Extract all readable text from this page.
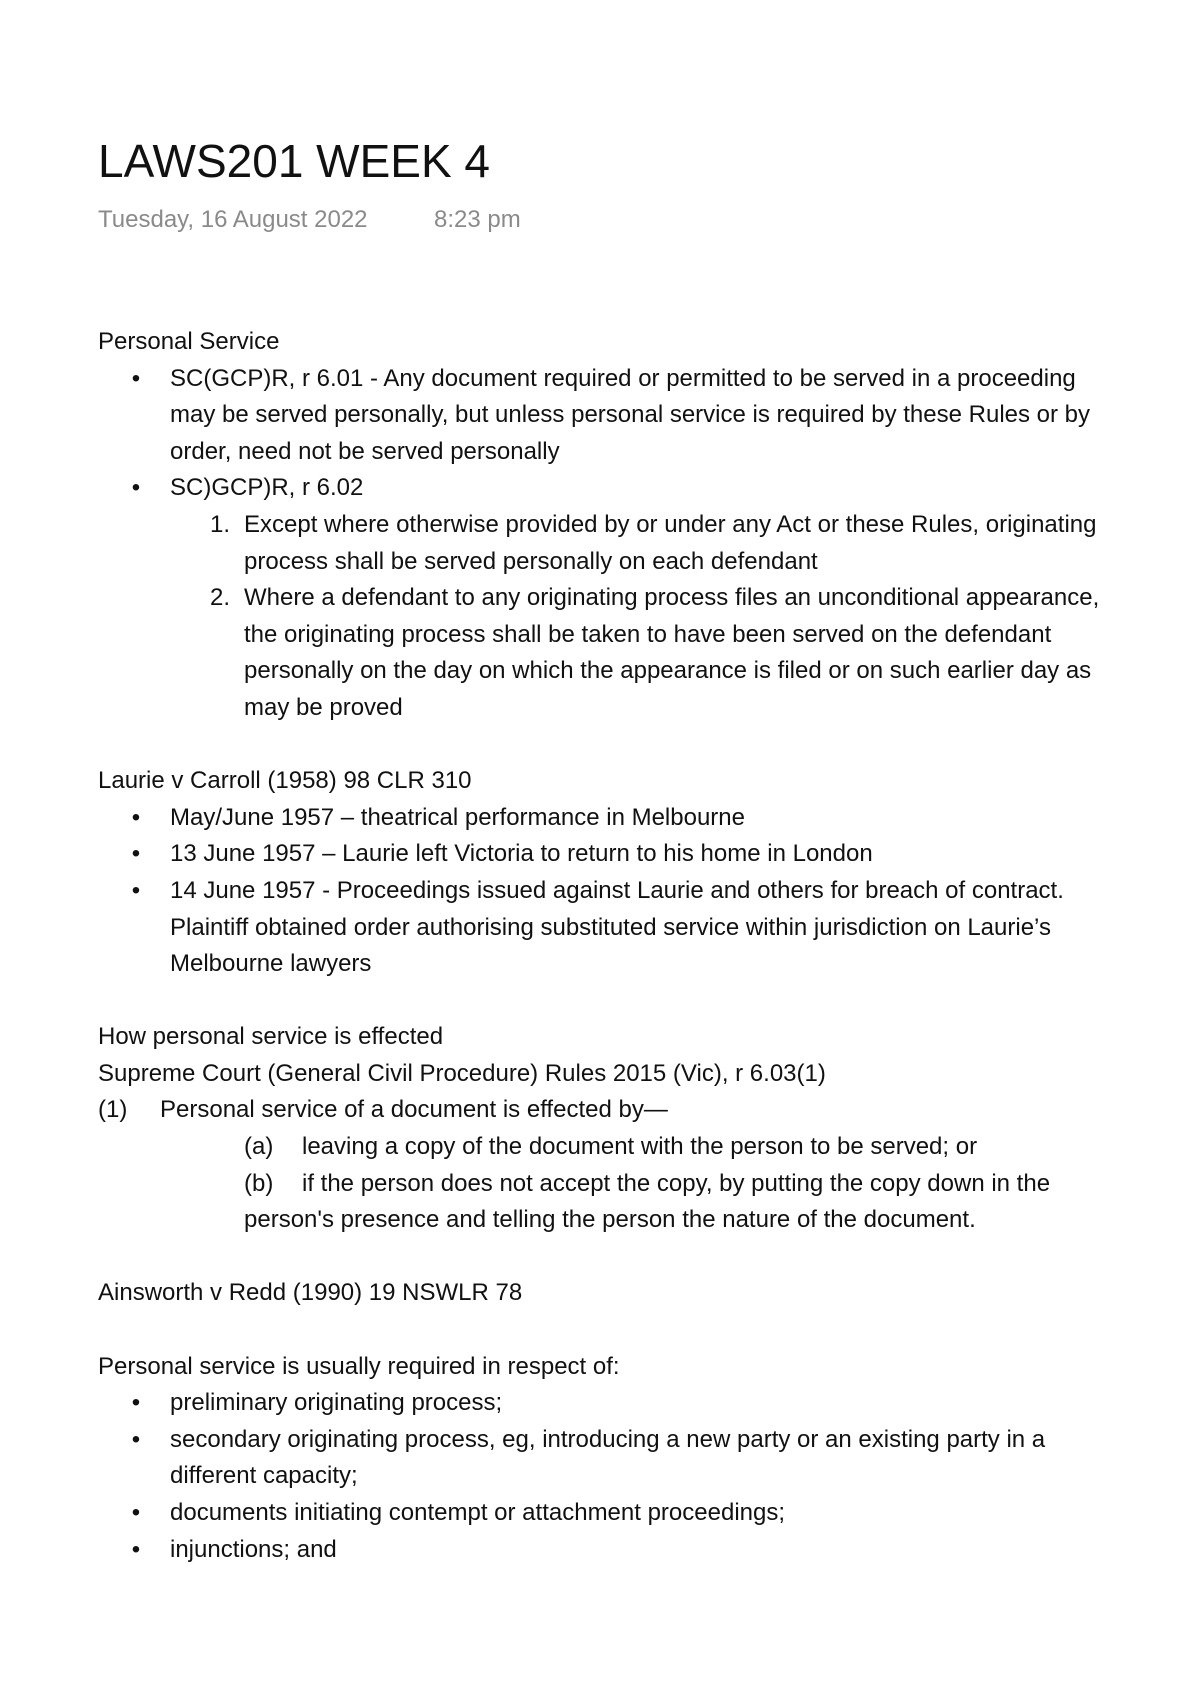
LAWS201 WEEK 4
Tuesday, 16 August 2022	8:23 pm

Personal Service

• SC(GCP)R, r 6.01 - Any document required or permitted to be served in a proceeding may be served personally, but unless personal service is required by these Rules or by order, need not be served personally

• SC)GCP)R, r 6.02

1. Except where otherwise provided by or under any Act or these Rules, originating process shall be served personally on each defendant

2. Where a defendant to any originating process files an unconditional appearance, the originating process shall be taken to have been served on the defendant personally on the day on which the appearance is filed or on such earlier day as may be proved

Laurie v Carroll (1958) 98 CLR 310

• May/June 1957 – theatrical performance in Melbourne

• 13 June 1957 – Laurie left Victoria to return to his home in London

• 14 June 1957 - Proceedings issued against Laurie and others for breach of contract. Plaintiff obtained order authorising substituted service within jurisdiction on Laurie’s Melbourne lawyers

How personal service is effected

Supreme Court (General Civil Procedure) Rules 2015 (Vic), r 6.03(1)

(1) Personal service of a document is effected by—

(a) leaving a copy of the document with the person to be served; or

(b) if the person does not accept the copy, by putting the copy down in the person's presence and telling the person the nature of the document.

Ainsworth v Redd (1990) 19 NSWLR 78

Personal service is usually required in respect of:

• preliminary originating process;

• secondary originating process, eg, introducing a new party or an existing party in a different capacity;

• documents initiating contempt or attachment proceedings;

• injunctions; and
